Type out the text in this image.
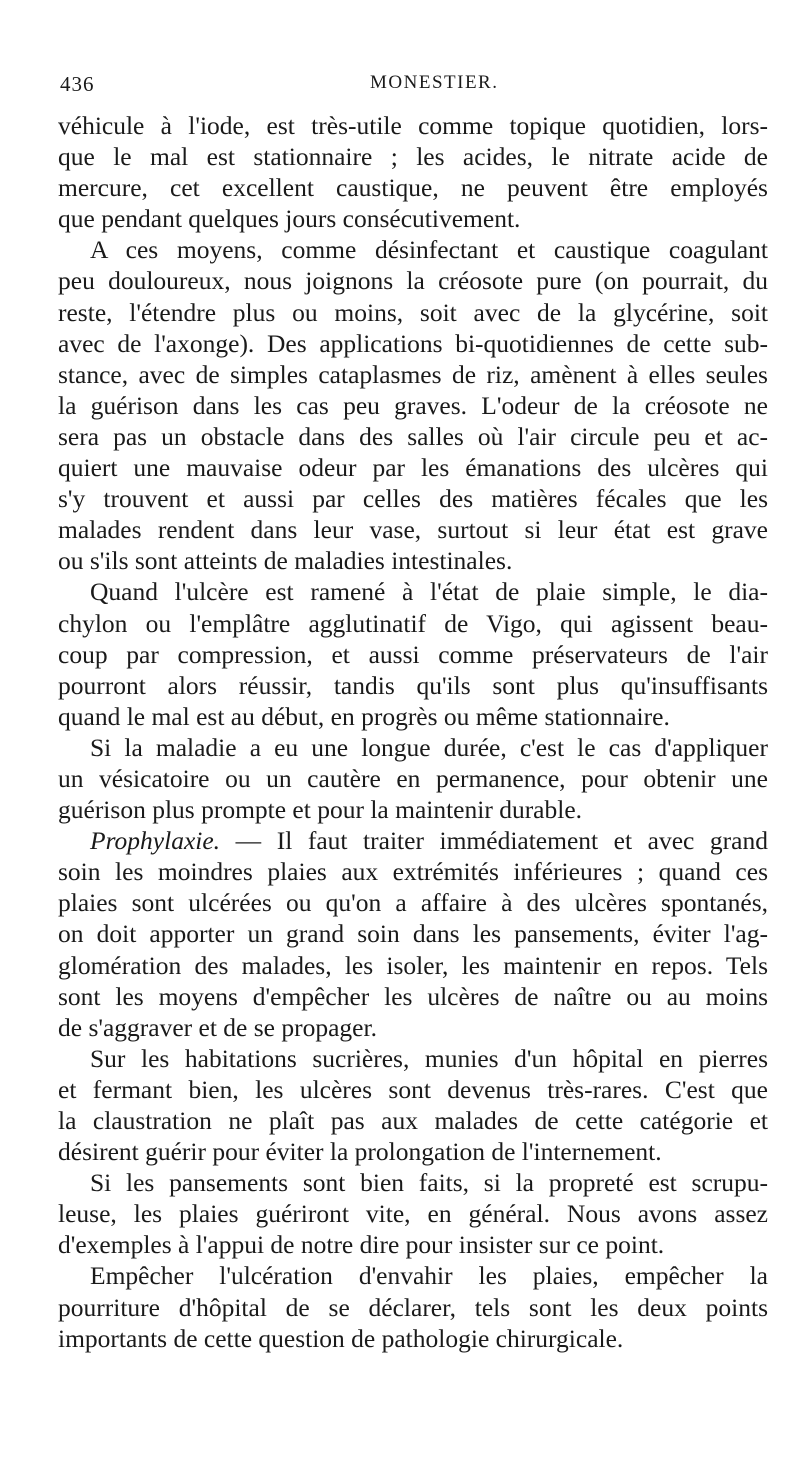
436	MONESTIER.
véhicule à l'iode, est très-utile comme topique quotidien, lors-
que le mal est stationnaire ; les acides, le nitrate acide de
mercure, cet excellent caustique, ne peuvent être employés
que pendant quelques jours consécutivement.
A ces moyens, comme désinfectant et caustique coagulant
peu douloureux, nous joignons la créosote pure (on pourrait, du
reste, l'étendre plus ou moins, soit avec de la glycérine, soit
avec de l'axonge). Des applications bi-quotidiennes de cette sub-
stance, avec de simples cataplasmes de riz, amènent à elles seules
la guérison dans les cas peu graves. L'odeur de la créosote ne
sera pas un obstacle dans des salles où l'air circule peu et ac-
quiert une mauvaise odeur par les émanations des ulcères qui
s'y trouvent et aussi par celles des matières fécales que les
malades rendent dans leur vase, surtout si leur état est grave
ou s'ils sont atteints de maladies intestinales.
Quand l'ulcère est ramené à l'état de plaie simple, le dia-
chylon ou l'emplâtre agglutinatif de Vigo, qui agissent beau-
coup par compression, et aussi comme préservateurs de l'air
pourront alors réussir, tandis qu'ils sont plus qu'insuffisants
quand le mal est au début, en progrès ou même stationnaire.
Si la maladie a eu une longue durée, c'est le cas d'appliquer
un vésicatoire ou un cautère en permanence, pour obtenir une
guérison plus prompte et pour la maintenir durable.
Prophylaxie. — Il faut traiter immédiatement et avec grand
soin les moindres plaies aux extrémités inférieures ; quand ces
plaies sont ulcérées ou qu'on a affaire à des ulcères spontanés,
on doit apporter un grand soin dans les pansements, éviter l'ag-
glomération des malades, les isoler, les maintenir en repos. Tels
sont les moyens d'empêcher les ulcères de naître ou au moins
de s'aggraver et de se propager.
Sur les habitations sucrières, munies d'un hôpital en pierres
et fermant bien, les ulcères sont devenus très-rares. C'est que
la claustration ne plaît pas aux malades de cette catégorie et
désirent guérir pour éviter la prolongation de l'internement.
Si les pansements sont bien faits, si la propreté est scrupu-
leuse, les plaies guériront vite, en général. Nous avons assez
d'exemples à l'appui de notre dire pour insister sur ce point.
Empêcher l'ulcération d'envahir les plaies, empêcher la
pourriture d'hôpital de se déclarer, tels sont les deux points
importants de cette question de pathologie chirurgicale.
